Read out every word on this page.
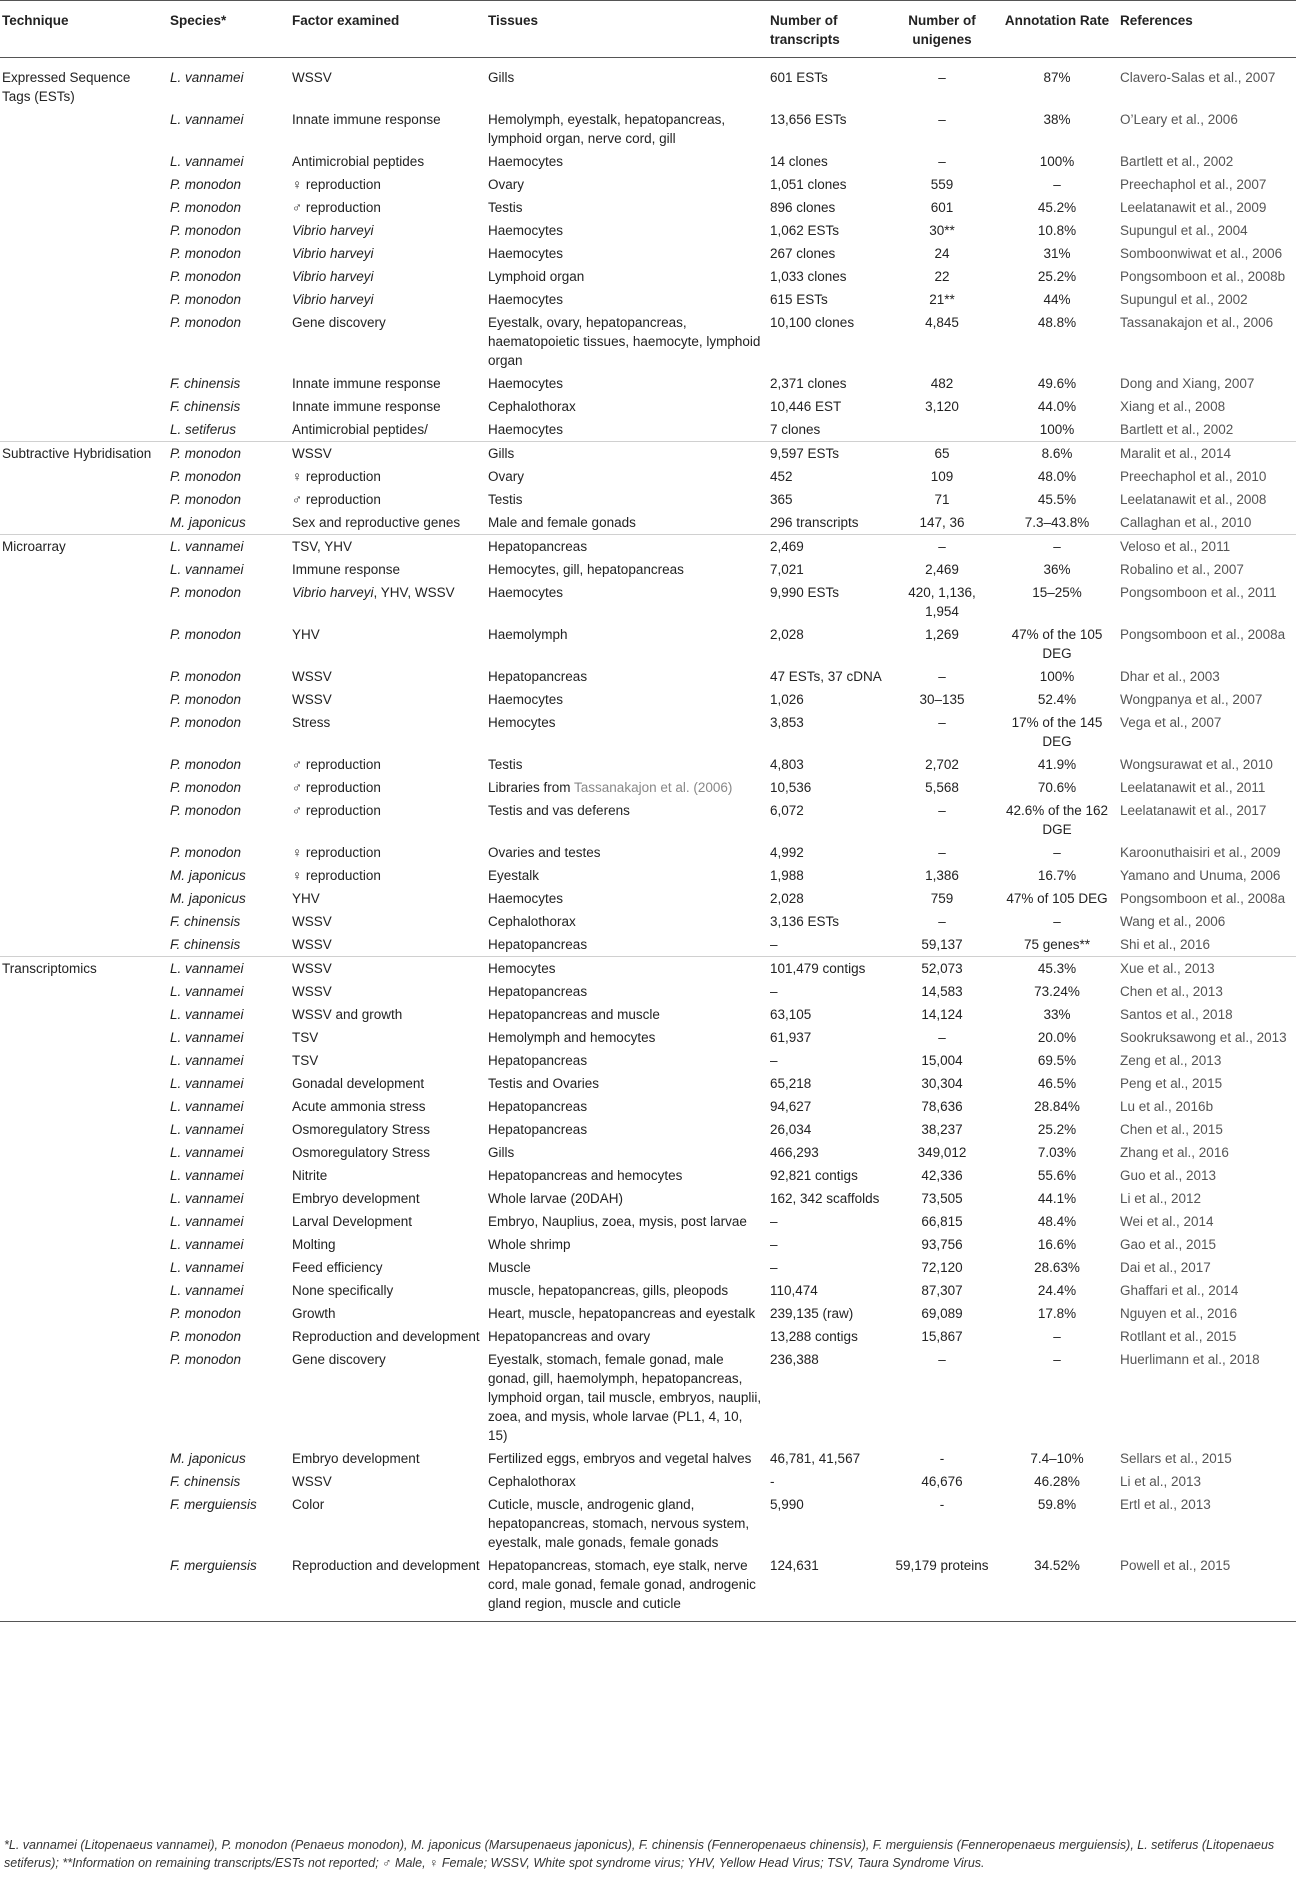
Technique	Species*	Factor examined	Tissues	Number of transcripts	Number of unigenes	Annotation Rate	References
Expressed Sequence Tags (ESTs)	L. vannamei	WSSV	Gills	601 ESTs	–	87%	Clavero-Salas et al., 2007
	L. vannamei	Innate immune response	Hemolymph, eyestalk, hepatopancreas, lymphoid organ, nerve cord, gill	13,656 ESTs	–	38%	O’Leary et al., 2006
	L. vannamei	Antimicrobial peptides	Haemocytes	14 clones	–	100%	Bartlett et al., 2002
	P. monodon	♀ reproduction	Ovary	1,051 clones	559	–	Preechaphol et al., 2007
	P. monodon	♂ reproduction	Testis	896 clones	601	45.2%	Leelatanawit et al., 2009
	P. monodon	Vibrio harveyi	Haemocytes	1,062 ESTs	30**	10.8%	Supungul et al., 2004
	P. monodon	Vibrio harveyi	Haemocytes	267 clones	24	31%	Somboonwiwat et al., 2006
	P. monodon	Vibrio harveyi	Lymphoid organ	1,033 clones	22	25.2%	Pongsomboon et al., 2008b
	P. monodon	Vibrio harveyi	Haemocytes	615 ESTs	21**	44%	Supungul et al., 2002
	P. monodon	Gene discovery	Eyestalk, ovary, hepatopancreas, haematopoietic tissues, haemocyte, lymphoid organ	10,100 clones	4,845	48.8%	Tassanakajon et al., 2006
	F. chinensis	Innate immune response	Haemocytes	2,371 clones	482	49.6%	Dong and Xiang, 2007
	F. chinensis	Innate immune response	Cephalothorax	10,446 EST	3,120	44.0%	Xiang et al., 2008
	L. setiferus	Antimicrobial peptides/	Haemocytes	7 clones		100%	Bartlett et al., 2002
Subtractive Hybridisation	P. monodon	WSSV	Gills	9,597 ESTs	65	8.6%	Maralit et al., 2014
	P. monodon	♀ reproduction	Ovary	452	109	48.0%	Preechaphol et al., 2010
	P. monodon	♂ reproduction	Testis	365	71	45.5%	Leelatanawit et al., 2008
	M. japonicus	Sex and reproductive genes	Male and female gonads	296 transcripts	147, 36	7.3–43.8%	Callaghan et al., 2010
Microarray	L. vannamei	TSV, YHV	Hepatopancreas	2,469	–	–	Veloso et al., 2011
	L. vannamei	Immune response	Hemocytes, gill, hepatopancreas	7,021	2,469	36%	Robalino et al., 2007
	P. monodon	Vibrio harveyi, YHV, WSSV	Haemocytes	9,990 ESTs	420, 1,136, 1,954	15–25%	Pongsomboon et al., 2011
	P. monodon	YHV	Haemolymph	2,028	1,269	47% of the 105 DEG	Pongsomboon et al., 2008a
	P. monodon	WSSV	Hepatopancreas	47 ESTs, 37 cDNA	–	100%	Dhar et al., 2003
	P. monodon	WSSV	Haemocytes	1,026	30–135	52.4%	Wongpanya et al., 2007
	P. monodon	Stress	Hemocytes	3,853	–	17% of the 145 DEG	Vega et al., 2007
	P. monodon	♂ reproduction	Testis	4,803	2,702	41.9%	Wongsurawat et al., 2010
	P. monodon	♂ reproduction	Libraries from Tassanakajon et al. (2006)	10,536	5,568	70.6%	Leelatanawit et al., 2011
	P. monodon	♂ reproduction	Testis and vas deferens	6,072	–	42.6% of the 162 DGE	Leelatanawit et al., 2017
	P. monodon	♀ reproduction	Ovaries and testes	4,992	–	–	Karoonuthaisiri et al., 2009
	M. japonicus	♀ reproduction	Eyestalk	1,988	1,386	16.7%	Yamano and Unuma, 2006
	M. japonicus	YHV	Haemocytes	2,028	759	47% of 105 DEG	Pongsomboon et al., 2008a
	F. chinensis	WSSV	Cephalothorax	3,136 ESTs	–	–	Wang et al., 2006
	F. chinensis	WSSV	Hepatopancreas	–	59,137	75 genes**	Shi et al., 2016
Transcriptomics	L. vannamei	WSSV	Hemocytes	101,479 contigs	52,073	45.3%	Xue et al., 2013
	L. vannamei	WSSV	Hepatopancreas	–	14,583	73.24%	Chen et al., 2013
	L. vannamei	WSSV and growth	Hepatopancreas and muscle	63,105	14,124	33%	Santos et al., 2018
	L. vannamei	TSV	Hemolymph and hemocytes	61,937	–	20.0%	Sookruksawong et al., 2013
	L. vannamei	TSV	Hepatopancreas	–	15,004	69.5%	Zeng et al., 2013
	L. vannamei	Gonadal development	Testis and Ovaries	65,218	30,304	46.5%	Peng et al., 2015
	L. vannamei	Acute ammonia stress	Hepatopancreas	94,627	78,636	28.84%	Lu et al., 2016b
	L. vannamei	Osmoregulatory Stress	Hepatopancreas	26,034	38,237	25.2%	Chen et al., 2015
	L. vannamei	Osmoregulatory Stress	Gills	466,293	349,012	7.03%	Zhang et al., 2016
	L. vannamei	Nitrite	Hepatopancreas and hemocytes	92,821 contigs	42,336	55.6%	Guo et al., 2013
	L. vannamei	Embryo development	Whole larvae (20DAH)	162, 342 scaffolds	73,505	44.1%	Li et al., 2012
	L. vannamei	Larval Development	Embryo, Nauplius, zoea, mysis, post larvae	–	66,815	48.4%	Wei et al., 2014
	L. vannamei	Molting	Whole shrimp	–	93,756	16.6%	Gao et al., 2015
	L. vannamei	Feed efficiency	Muscle	–	72,120	28.63%	Dai et al., 2017
	L. vannamei	None specifically	muscle, hepatopancreas, gills, pleopods	110,474	87,307	24.4%	Ghaffari et al., 2014
	P. monodon	Growth	Heart, muscle, hepatopancreas and eyestalk	239,135 (raw)	69,089	17.8%	Nguyen et al., 2016
	P. monodon	Reproduction and development	Hepatopancreas and ovary	13,288 contigs	15,867	–	Rotllant et al., 2015
	P. monodon	Gene discovery	Eyestalk, stomach, female gonad, male gonad, gill, haemolymph, hepatopancreas, lymphoid organ, tail muscle, embryos, nauplii, zoea, and mysis, whole larvae (PL1, 4, 10, 15)	236,388	–	–	Huerlimann et al., 2018
	M. japonicus	Embryo development	Fertilized eggs, embryos and vegetal halves	46,781, 41,567	-	7.4–10%	Sellars et al., 2015
	F. chinensis	WSSV	Cephalothorax	-	46,676	46.28%	Li et al., 2013
	F. merguiensis	Color	Cuticle, muscle, androgenic gland, hepatopancreas, stomach, nervous system, eyestalk, male gonads, female gonads	5,990	-	59.8%	Ertl et al., 2013
	F. merguiensis	Reproduction and development	Hepatopancreas, stomach, eye stalk, nerve cord, male gonad, female gonad, androgenic gland region, muscle and cuticle	124,631	59,179 proteins	34.52%	Powell et al., 2015
*L. vannamei (Litopenaeus vannamei), P. monodon (Penaeus monodon), M. japonicus (Marsupenaeus japonicus), F. chinensis (Fenneropenaeus chinensis), F. merguiensis (Fenneropenaeus merguiensis), L. setiferus (Litopenaeus
setiferus); **Information on remaining transcripts/ESTs not reported; ♂ Male, ♀ Female; WSSV, White spot syndrome virus; YHV, Yellow Head Virus; TSV, Taura Syndrome Virus.
